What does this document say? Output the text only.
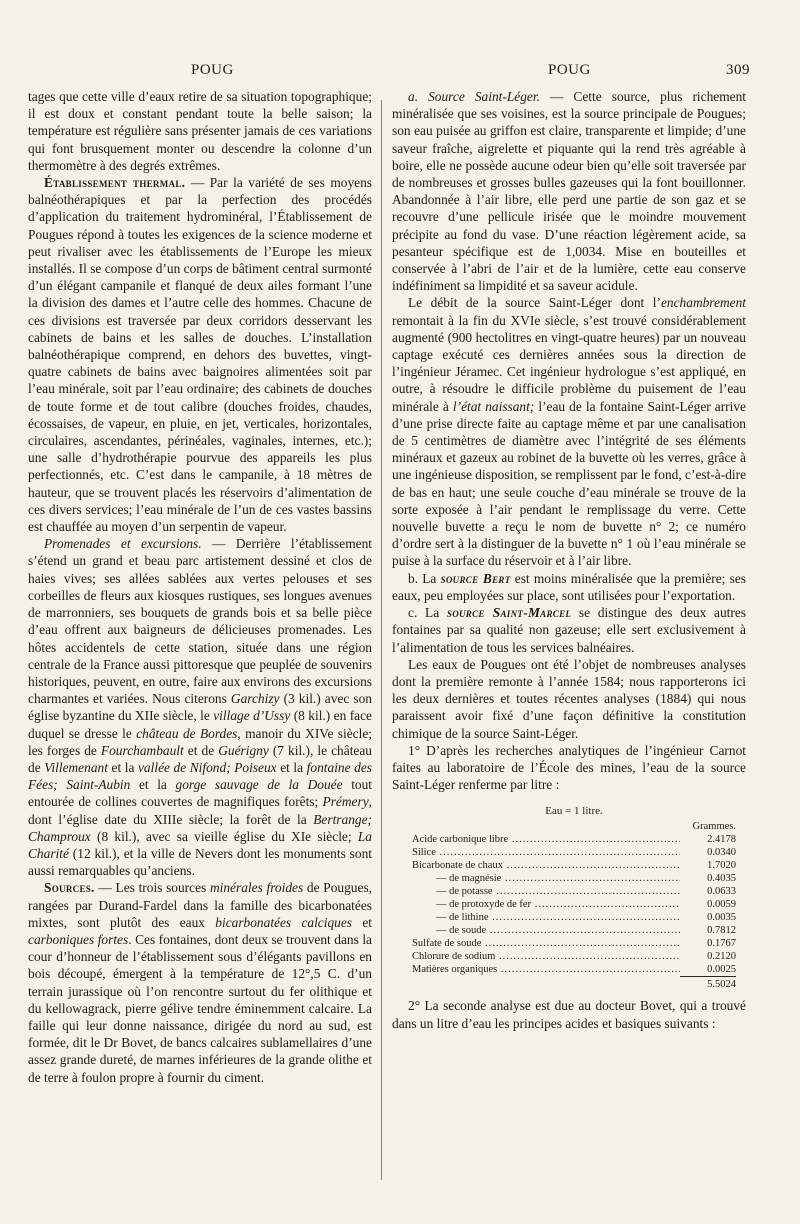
POUG	POUG	309

tages que cette ville d’eaux retire de sa situation topographique; il est doux et constant pendant toute la belle saison; la température est régulière sans présenter jamais de ces variations qui font brusquement monter ou descendre la colonne d’un thermomètre à des degrés extrêmes.

Établissement thermal. — Par la variété de ses moyens balnéothérapiques et par la perfection des procédés d’application du traitement hydrominéral, l’Établissement de Pougues répond à toutes les exigences de la science moderne et peut rivaliser avec les établissements de l’Europe les mieux installés. Il se compose d’un corps de bâtiment central surmonté d’un élégant campanile et flanqué de deux ailes formant l’une la division des dames et l’autre celle des hommes. Chacune de ces divisions est traversée par deux corridors desservant les cabinets de bains et les salles de douches. L’installation balnéothérapique comprend, en dehors des buvettes, vingt-quatre cabinets de bains avec baignoires alimentées soit par l’eau minérale, soit par l’eau ordinaire; des cabinets de douches de toute forme et de tout calibre (douches froides, chaudes, écossaises, de vapeur, en pluie, en jet, verticales, horizontales, circulaires, ascendantes, périnéales, vaginales, internes, etc.); une salle d’hydrothérapie pourvue des appareils les plus perfectionnés, etc. C’est dans le campanile, à 18 mètres de hauteur, que se trouvent placés les réservoirs d’alimentation de ces divers services; l’eau minérale de l’un de ces vastes bassins est chauffée au moyen d’un serpentin de vapeur.

Promenades et excursions. — Derrière l’établissement s’étend un grand et beau parc artistement dessiné et clos de haies vives; ses allées sablées aux vertes pelouses et ses corbeilles de fleurs aux kiosques rustiques, ses longues avenues de marronniers, ses bouquets de grands bois et sa belle pièce d’eau offrent aux baigneurs de délicieuses promenades. Les hôtes accidentels de cette station, située dans une région centrale de la France aussi pittoresque que peuplée de souvenirs historiques, peuvent, en outre, faire aux environs des excursions charmantes et variées. Nous citerons Garchizy (3 kil.) avec son église byzantine du XIIe siècle, le village d’Ussy (8 kil.) en face duquel se dresse le château de Bordes, manoir du XIVe siècle; les forges de Fourchambault et de Guérigny (7 kil.), le château de Villemenant et la vallée de Nifond; Poiseux et la fontaine des Fées; Saint-Aubin et la gorge sauvage de la Douée tout entourée de collines couvertes de magnifiques forêts; Prémery, dont l’église date du XIIIe siècle; la forêt de la Bertrange; Champroux (8 kil.), avec sa vieille église du XIe siècle; La Charité (12 kil.), et la ville de Nevers dont les monuments sont aussi remarquables qu’anciens.

Sources. — Les trois sources minérales froides de Pougues, rangées par Durand-Fardel dans la famille des bicarbonatées mixtes, sont plutôt des eaux bicarbonatées calciques et carboniques fortes. Ces fontaines, dont deux se trouvent dans la cour d’honneur de l’établissement sous d’élégants pavillons en bois découpé, émergent à la température de 12°,5 C. d’un terrain jurassique où l’on rencontre surtout du fer olithique et du kellowagrack, pierre gélive tendre éminemment calcaire. La faille qui leur donne naissance, dirigée du nord au sud, est formée, dit le Dr Bovet, de bancs calcaires sublamellaires d’une assez grande dureté, de marnes inférieures de la grande olithe et de terre à foulon propre à fournir du ciment.

a. Source Saint-Léger. — Cette source, plus richement minéralisée que ses voisines, est la source principale de Pougues; son eau puisée au griffon est claire, transparente et limpide; d’une saveur fraîche, aigrelette et piquante qui la rend très agréable à boire, elle ne possède aucune odeur bien qu’elle soit traversée par de nombreuses et grosses bulles gazeuses qui la font bouillonner. Abandonnée à l’air libre, elle perd une partie de son gaz et se recouvre d’une pellicule irisée que le moindre mouvement précipite au fond du vase. D’une réaction légèrement acide, sa pesanteur spécifique est de 1,0034. Mise en bouteilles et conservée à l’abri de l’air et de la lumière, cette eau conserve indéfiniment sa limpidité et sa saveur acidule.

Le débit de la source Saint-Léger dont l’enchambrement remontait à la fin du XVIe siècle, s’est trouvé considérablement augmenté (900 hectolitres en vingt-quatre heures) par un nouveau captage exécuté ces dernières années sous la direction de l’ingénieur Jéramec. Cet ingénieur hydrologue s’est appliqué, en outre, à résoudre le difficile problème du puisement de l’eau minérale à l’état naissant; l’eau de la fontaine Saint-Léger arrive d’une prise directe faite au captage même et par une canalisation de 5 centimètres de diamètre avec l’intégrité de ses éléments minéraux et gazeux au robinet de la buvette où les verres, grâce à une ingénieuse disposition, se remplissent par le fond, c’est-à-dire de bas en haut; une seule couche d’eau minérale se trouve de la sorte exposée à l’air pendant le remplissage du verre. Cette nouvelle buvette a reçu le nom de buvette n° 2; ce numéro d’ordre sert à la distinguer de la buvette n° 1 où l’eau minérale se puise à la surface du réservoir et à l’air libre.

b. La source Bert est moins minéralisée que la première; ses eaux, peu employées sur place, sont utilisées pour l’exportation.

c. La source Saint-Marcel se distingue des deux autres fontaines par sa qualité non gazeuse; elle sert exclusivement à l’alimentation de tous les services balnéaires.

Les eaux de Pougues ont été l’objet de nombreuses analyses dont la première remonte à l’année 1584; nous rapporterons ici les deux dernières et toutes récentes analyses (1884) qui nous paraissent avoir fixé d’une façon définitive la constitution chimique de la source Saint-Léger.

1° D’après les recherches analytiques de l’ingénieur Carnot faites au laboratoire de l’École des mines, l’eau de la source Saint-Léger renferme par litre :

Eau = 1 litre.
Grammes.
Acide carbonique libre .....	2.4178
Silice .....	0.0340
Bicarbonate de chaux .....	1.7020
— de magnésie .....	0.4035
— de potasse .....	0.0633
— de protoxyde de fer .....	0.0059
— de lithine .....	0.0035
— de soude .....	0.7812
Sulfate de soude .....	0.1767
Chlorure de sodium .....	0.2120
Matières organiques .....	0.0025
5.5024

2° La seconde analyse est due au docteur Bovet, qui a trouvé dans un litre d’eau les principes acides et basiques suivants :
